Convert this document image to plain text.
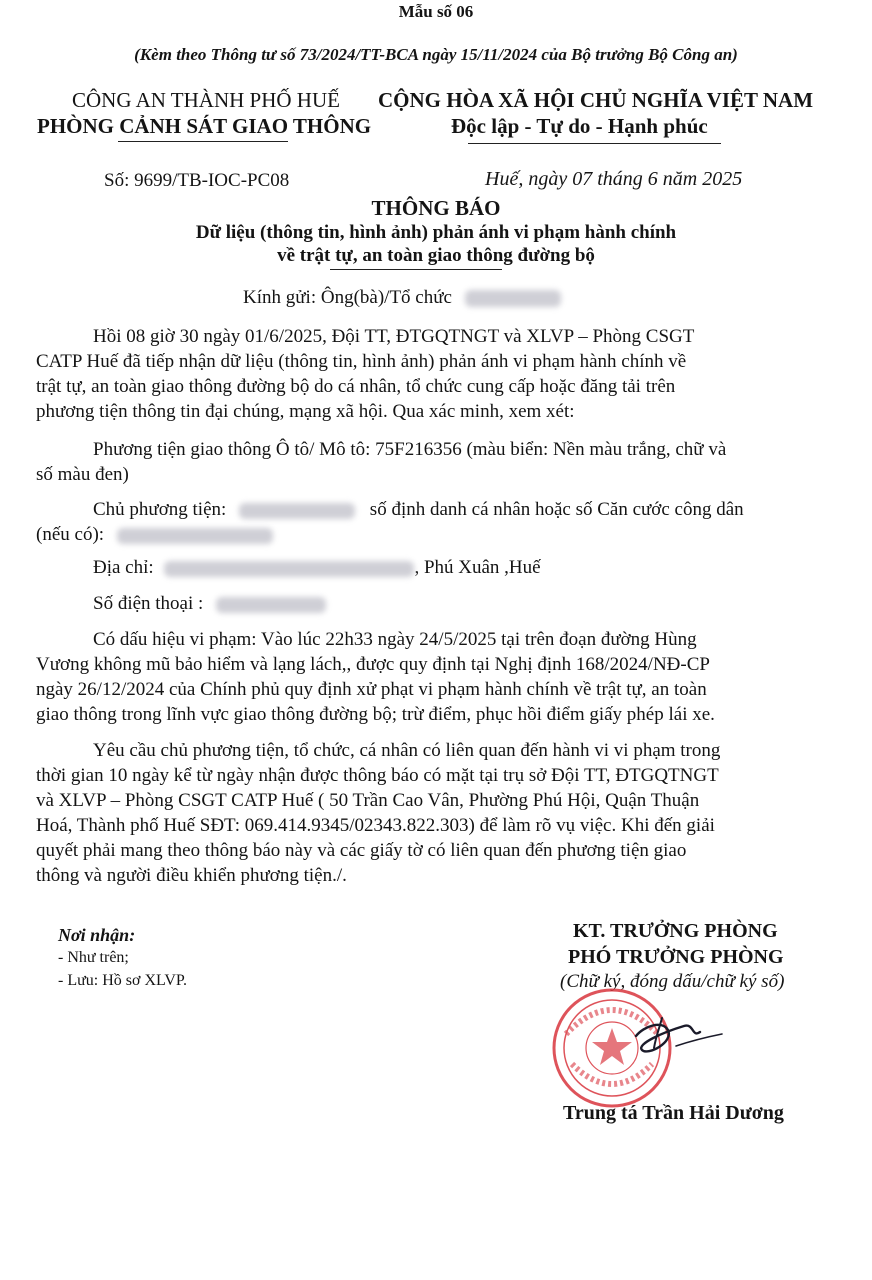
Mẫu số 06
(Kèm theo Thông tư số 73/2024/TT-BCA ngày 15/11/2024 của Bộ trưởng Bộ Công an)
CÔNG AN THÀNH PHỐ HUẾ
PHÒNG CẢNH SÁT GIAO THÔNG
CỘNG HÒA XÃ HỘI CHỦ NGHĨA VIỆT NAM
Độc lập - Tự do - Hạnh phúc
Số: 9699/TB-IOC-PC08	Huế, ngày 07 tháng 6 năm 2025
THÔNG BÁO
Dữ liệu (thông tin, hình ảnh) phản ánh vi phạm hành chính
về trật tự, an toàn giao thông đường bộ
Kính gửi: Ông(bà)/Tổ chức
Hồi 08 giờ 30 ngày 01/6/2025, Đội TT, ĐTGQTNGT và XLVP – Phòng CSGT
CATP Huế đã tiếp nhận dữ liệu (thông tin, hình ảnh) phản ánh vi phạm hành chính về
trật tự, an toàn giao thông đường bộ do cá nhân, tổ chức cung cấp hoặc đăng tải trên
phương tiện thông tin đại chúng, mạng xã hội. Qua xác minh, xem xét:
Phương tiện giao thông Ô tô/ Mô tô: 75F216356 (màu biển: Nền màu trắng, chữ và
số màu đen)
Chủ phương tiện:	số định danh cá nhân hoặc số Căn cước công dân
(nếu có):
Địa chỉ:	, Phú Xuân ,Huế
Số điện thoại :
Có dấu hiệu vi phạm: Vào lúc 22h33 ngày 24/5/2025 tại trên đoạn đường Hùng
Vương không mũ bảo hiểm và lạng lách,, được quy định tại Nghị định 168/2024/NĐ-CP
ngày 26/12/2024 của Chính phủ quy định xử phạt vi phạm hành chính về trật tự, an toàn
giao thông trong lĩnh vực giao thông đường bộ; trừ điểm, phục hồi điểm giấy phép lái xe.
Yêu cầu chủ phương tiện, tổ chức, cá nhân có liên quan đến hành vi vi phạm trong
thời gian 10 ngày kể từ ngày nhận được thông báo có mặt tại trụ sở Đội TT, ĐTGQTNGT
và XLVP – Phòng CSGT CATP Huế ( 50 Trần Cao Vân, Phường Phú Hội, Quận Thuận
Hoá, Thành phố Huế SĐT: 069.414.9345/02343.822.303) để làm rõ vụ việc. Khi đến giải
quyết phải mang theo thông báo này và các giấy tờ có liên quan đến phương tiện giao
thông và người điều khiển phương tiện./.
Nơi nhận:
- Như trên;
- Lưu: Hồ sơ XLVP.
KT. TRƯỞNG PHÒNG
PHÓ TRƯỞNG PHÒNG
(Chữ ký, đóng dấu/chữ ký số)
Trung tá Trần Hải Dương
